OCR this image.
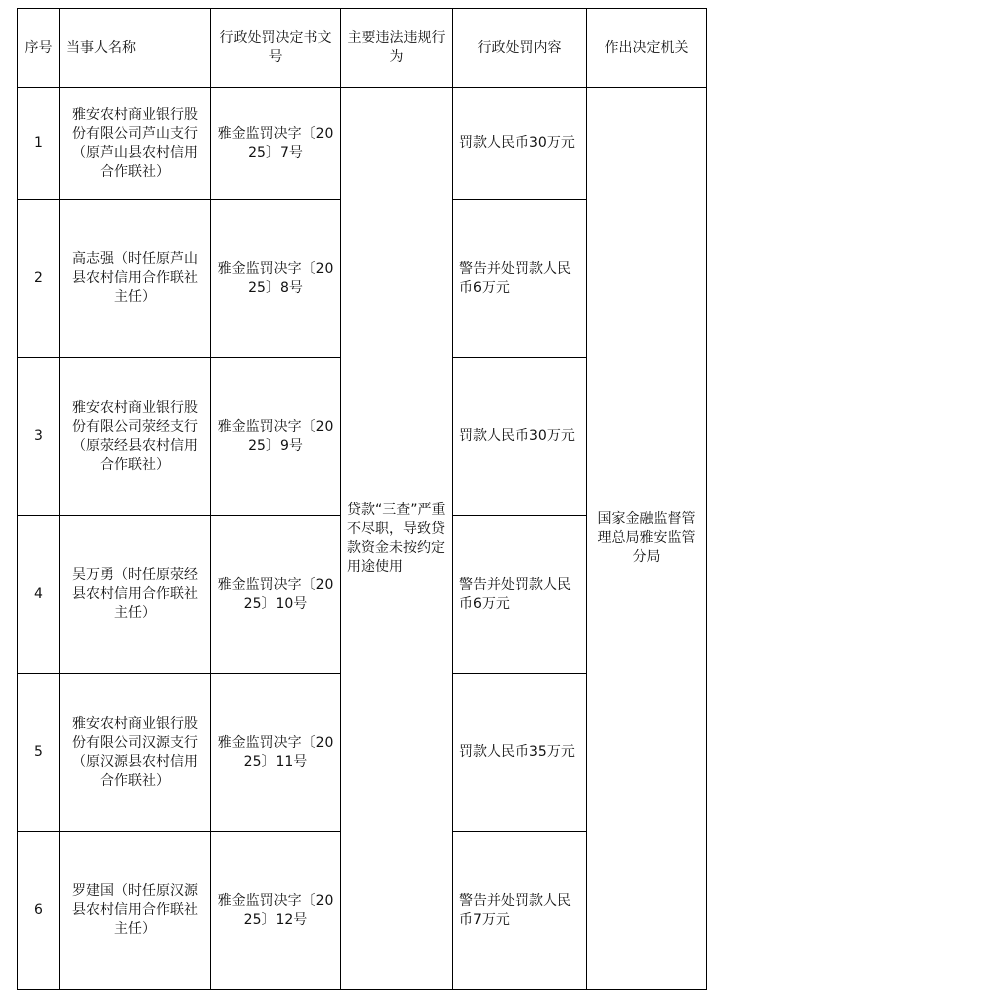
序号	当事人名称	行政处罚决定书文号	主要违法违规行为	行政处罚内容	作出决定机关
1	雅安农村商业银行股份有限公司芦山支行（原芦山县农村信用合作联社）	雅金监罚决字〔2025〕7号	贷款“三查”严重不尽职，导致贷款资金未按约定用途使用	罚款人民币30万元	国家金融监督管理总局雅安监管分局
2	高志强（时任原芦山县农村信用合作联社主任）	雅金监罚决字〔2025〕8号		警告并处罚款人民币6万元	
3	雅安农村商业银行股份有限公司荥经支行（原荥经县农村信用合作联社）	雅金监罚决字〔2025〕9号		罚款人民币30万元	
4	吴万勇（时任原荥经县农村信用合作联社主任）	雅金监罚决字〔2025〕10号		警告并处罚款人民币6万元	
5	雅安农村商业银行股份有限公司汉源支行（原汉源县农村信用合作联社）	雅金监罚决字〔2025〕11号		罚款人民币35万元	
6	罗建国（时任原汉源县农村信用合作联社主任）	雅金监罚决字〔2025〕12号		警告并处罚款人民币7万元	
